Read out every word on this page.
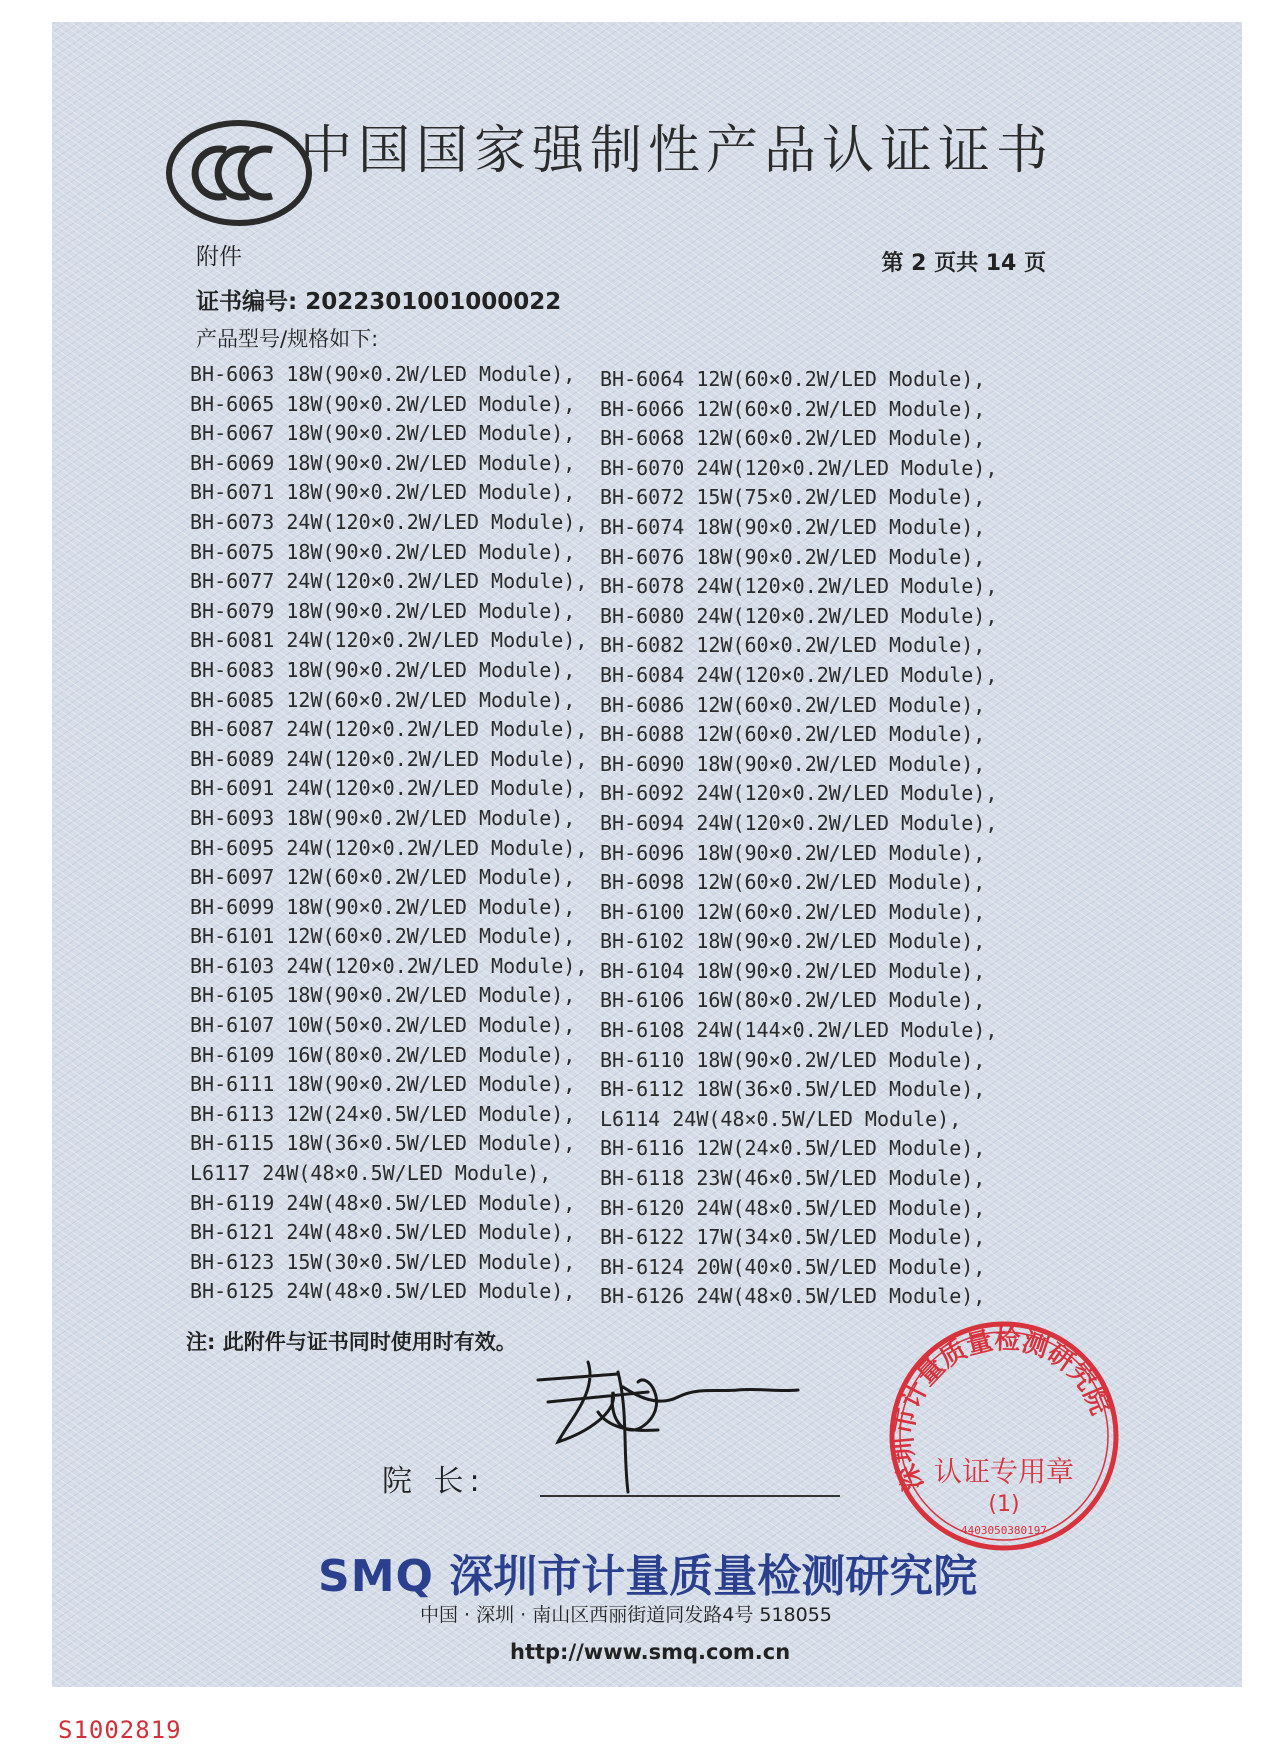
中国国家强制性产品认证证书
附件	第 2 页共 14 页
证书编号: 2022301001000022
产品型号/规格如下:
BH-6063 18W(90×0.2W/LED Module),
BH-6065 18W(90×0.2W/LED Module),
BH-6067 18W(90×0.2W/LED Module),
BH-6069 18W(90×0.2W/LED Module),
BH-6071 18W(90×0.2W/LED Module),
BH-6073 24W(120×0.2W/LED Module),
BH-6075 18W(90×0.2W/LED Module),
BH-6077 24W(120×0.2W/LED Module),
BH-6079 18W(90×0.2W/LED Module),
BH-6081 24W(120×0.2W/LED Module),
BH-6083 18W(90×0.2W/LED Module),
BH-6085 12W(60×0.2W/LED Module),
BH-6087 24W(120×0.2W/LED Module),
BH-6089 24W(120×0.2W/LED Module),
BH-6091 24W(120×0.2W/LED Module),
BH-6093 18W(90×0.2W/LED Module),
BH-6095 24W(120×0.2W/LED Module),
BH-6097 12W(60×0.2W/LED Module),
BH-6099 18W(90×0.2W/LED Module),
BH-6101 12W(60×0.2W/LED Module),
BH-6103 24W(120×0.2W/LED Module),
BH-6105 18W(90×0.2W/LED Module),
BH-6107 10W(50×0.2W/LED Module),
BH-6109 16W(80×0.2W/LED Module),
BH-6111 18W(90×0.2W/LED Module),
BH-6113 12W(24×0.5W/LED Module),
BH-6115 18W(36×0.5W/LED Module),
L6117 24W(48×0.5W/LED Module),
BH-6119 24W(48×0.5W/LED Module),
BH-6121 24W(48×0.5W/LED Module),
BH-6123 15W(30×0.5W/LED Module),
BH-6125 24W(48×0.5W/LED Module),
BH-6064 12W(60×0.2W/LED Module),
BH-6066 12W(60×0.2W/LED Module),
BH-6068 12W(60×0.2W/LED Module),
BH-6070 24W(120×0.2W/LED Module),
BH-6072 15W(75×0.2W/LED Module),
BH-6074 18W(90×0.2W/LED Module),
BH-6076 18W(90×0.2W/LED Module),
BH-6078 24W(120×0.2W/LED Module),
BH-6080 24W(120×0.2W/LED Module),
BH-6082 12W(60×0.2W/LED Module),
BH-6084 24W(120×0.2W/LED Module),
BH-6086 12W(60×0.2W/LED Module),
BH-6088 12W(60×0.2W/LED Module),
BH-6090 18W(90×0.2W/LED Module),
BH-6092 24W(120×0.2W/LED Module),
BH-6094 24W(120×0.2W/LED Module),
BH-6096 18W(90×0.2W/LED Module),
BH-6098 12W(60×0.2W/LED Module),
BH-6100 12W(60×0.2W/LED Module),
BH-6102 18W(90×0.2W/LED Module),
BH-6104 18W(90×0.2W/LED Module),
BH-6106 16W(80×0.2W/LED Module),
BH-6108 24W(144×0.2W/LED Module),
BH-6110 18W(90×0.2W/LED Module),
BH-6112 18W(36×0.5W/LED Module),
L6114 24W(48×0.5W/LED Module),
BH-6116 12W(24×0.5W/LED Module),
BH-6118 23W(46×0.5W/LED Module),
BH-6120 24W(48×0.5W/LED Module),
BH-6122 17W(34×0.5W/LED Module),
BH-6124 20W(40×0.5W/LED Module),
BH-6126 24W(48×0.5W/LED Module),
注: 此附件与证书同时使用时有效。
院 长:	深圳市计量质量检测研究院
认证专用章
(1)
4403050380197
SMQ 深圳市计量质量检测研究院
中国 · 深圳 · 南山区西丽街道同发路4号 518055
http://www.smq.com.cn
S1002819
